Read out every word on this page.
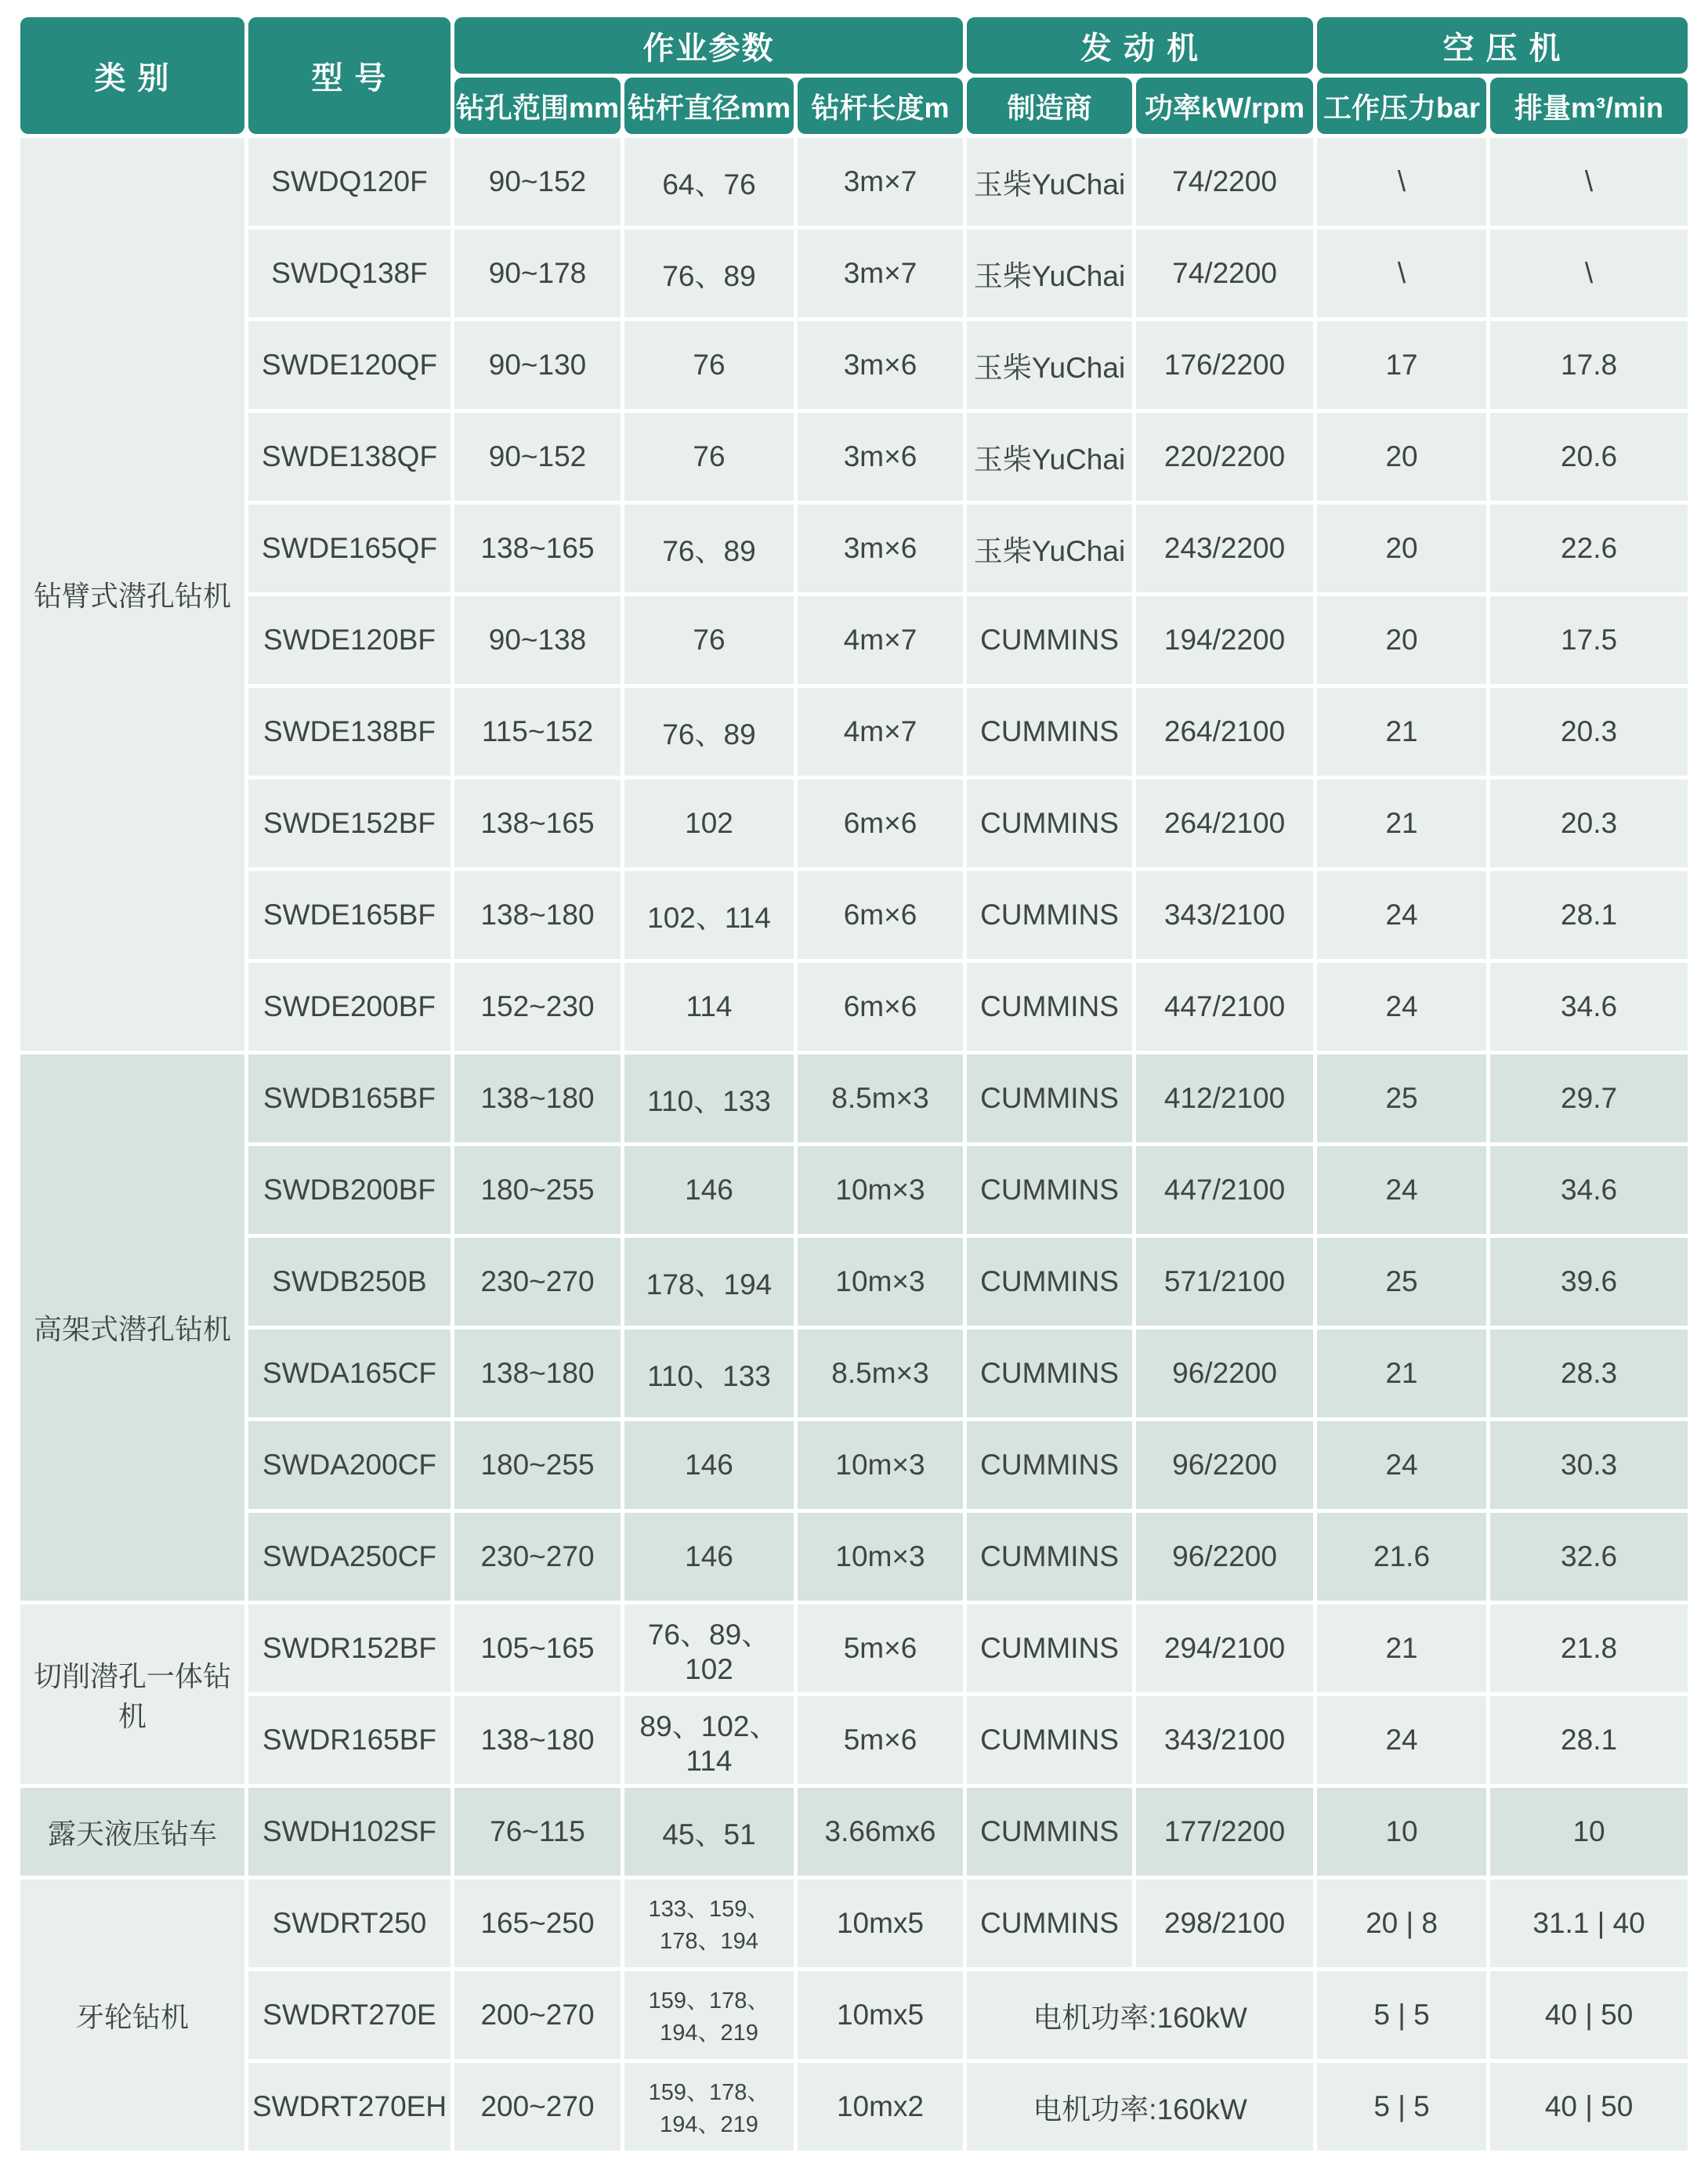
类 别	型 号	作业参数			发 动 机		空 压 机	
		钻孔范围mm	钻杆直径mm	钻杆长度m	制造商	功率kW/rpm	工作压力bar	排量m³/min
钻臂式潜孔钻机	SWDQ120F	90~152	64、76	3m×7	玉柴YuChai	74/2200	\	\
	SWDQ138F	90~178	76、89	3m×7	玉柴YuChai	74/2200	\	\
	SWDE120QF	90~130	76	3m×6	玉柴YuChai	176/2200	17	17.8
	SWDE138QF	90~152	76	3m×6	玉柴YuChai	220/2200	20	20.6
	SWDE165QF	138~165	76、89	3m×6	玉柴YuChai	243/2200	20	22.6
	SWDE120BF	90~138	76	4m×7	CUMMINS	194/2200	20	17.5
	SWDE138BF	115~152	76、89	4m×7	CUMMINS	264/2100	21	20.3
	SWDE152BF	138~165	102	6m×6	CUMMINS	264/2100	21	20.3
	SWDE165BF	138~180	102、114	6m×6	CUMMINS	343/2100	24	28.1
	SWDE200BF	152~230	114	6m×6	CUMMINS	447/2100	24	34.6
高架式潜孔钻机	SWDB165BF	138~180	110、133	8.5m×3	CUMMINS	412/2100	25	29.7
	SWDB200BF	180~255	146	10m×3	CUMMINS	447/2100	24	34.6
	SWDB250B	230~270	178、194	10m×3	CUMMINS	571/2100	25	39.6
	SWDA165CF	138~180	110、133	8.5m×3	CUMMINS	96/2200	21	28.3
	SWDA200CF	180~255	146	10m×3	CUMMINS	96/2200	24	30.3
	SWDA250CF	230~270	146	10m×3	CUMMINS	96/2200	21.6	32.6
切削潜孔一体钻机	SWDR152BF	105~165	76、89、102	5m×6	CUMMINS	294/2100	21	21.8
	SWDR165BF	138~180	89、102、114	5m×6	CUMMINS	343/2100	24	28.1
露天液压钻车	SWDH102SF	76~115	45、51	3.66mx6	CUMMINS	177/2200	10	10
牙轮钻机	SWDRT250	165~250	133、159、178、194	10mx5	CUMMINS	298/2100	20 | 8	31.1 | 40
	SWDRT270E	200~270	159、178、194、219	10mx5	电机功率:160kW		5 | 5	40 | 50
	SWDRT270EH	200~270	159、178、194、219	10mx2	电机功率:160kW		5 | 5	40 | 50
